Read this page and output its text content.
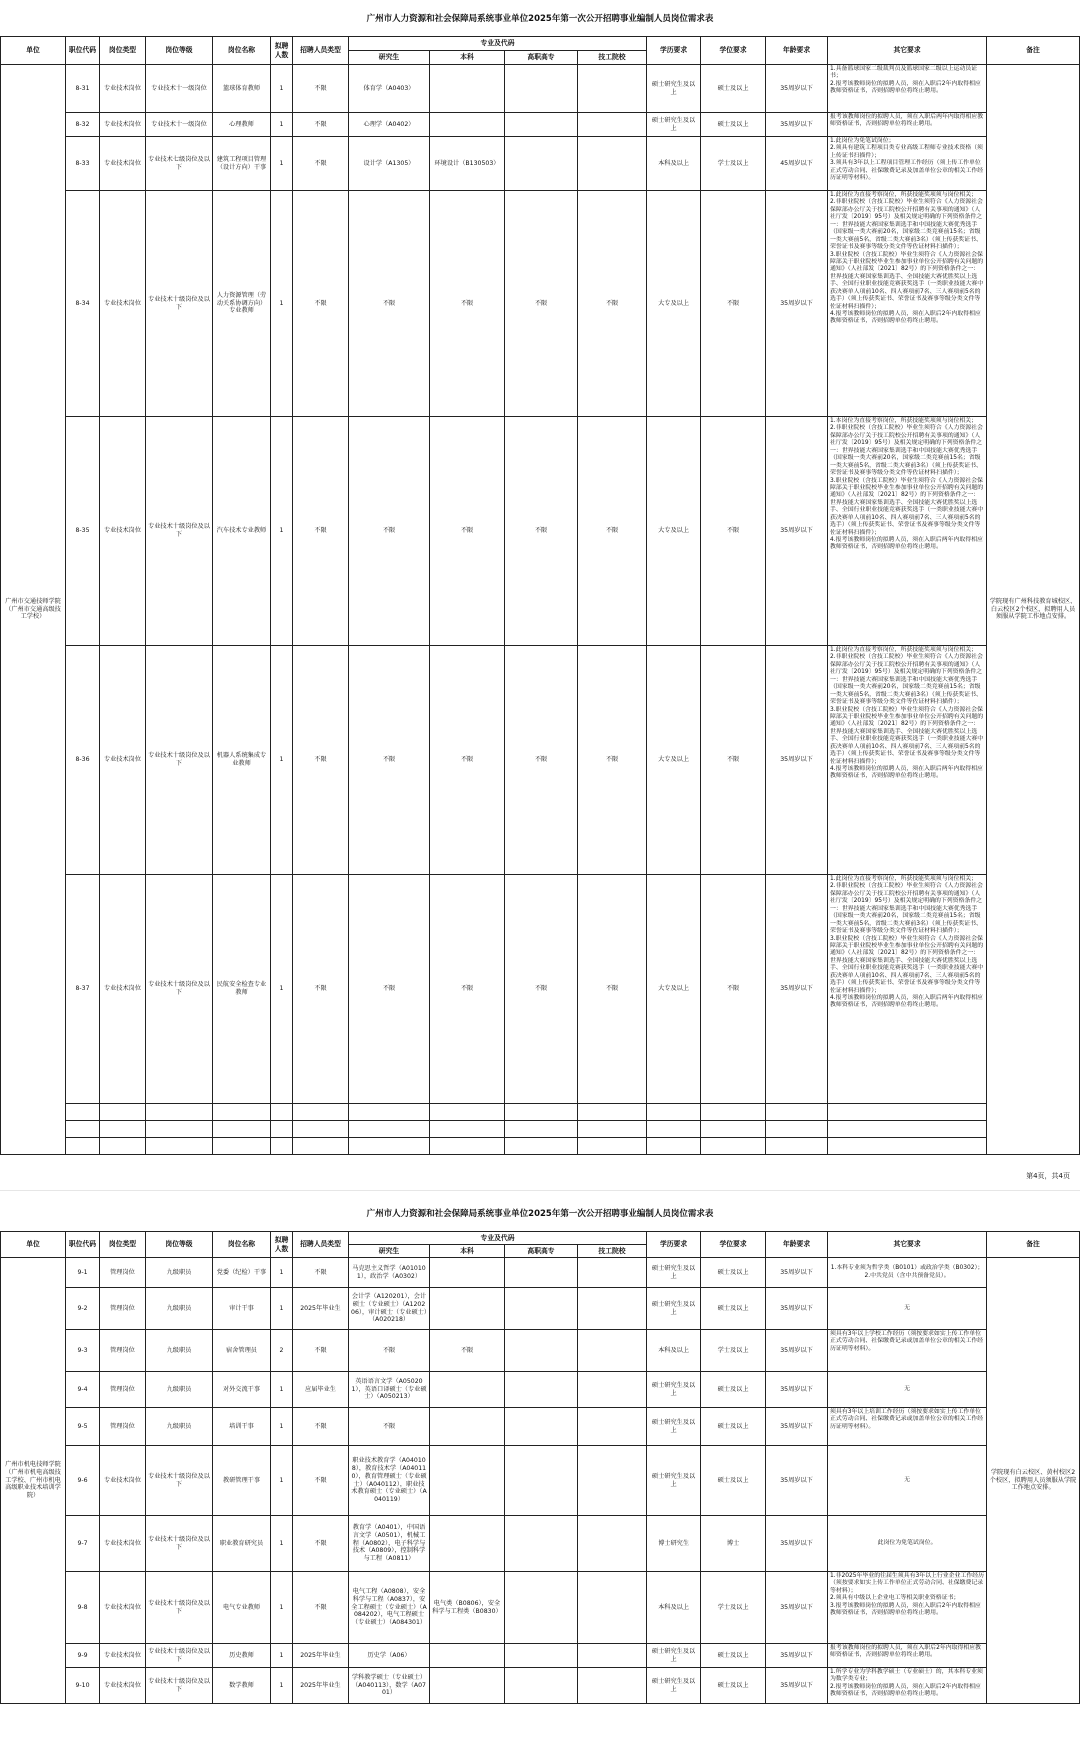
广州市人力资源和社会保障局系统事业单位2025年第一次公开招聘事业编制人员岗位需求表
单位	职位代码	岗位类型	岗位等级	岗位名称	拟聘人数	招聘人员类型	专业及代码				学历要求	学位要求	年龄要求	其它要求	备注
							研究生	本科	高职高专	技工院校					
广州市交通技师学院（广州市交通高级技工学校）	8-31	专业技术岗位	专业技术十一级岗位	篮球体育教师	1	不限	体育学（A0403）				硕士研究生及以上	硕士及以上	35周岁以下	1.具备篮球国家二级裁判员及篮球国家二级以上运动员证书；
2.报考该教师岗位的拟聘人员，须在入职后2年内取得相应教师资格证书，否则招聘单位将终止聘用。	学院现有广州科技教育城校区、白云校区2个校区，拟聘用人员须服从学院工作地点安排。
	8-32	专业技术岗位	专业技术十一级岗位	心理教师	1	不限	心理学（A0402）				硕士研究生及以上	硕士及以上	35周岁以下	报考该教师岗位的拟聘人员，须在入职后两年内取得相应教师资格证书，否则招聘单位将终止聘用。	

	8-33	专业技术岗位	专业技术七级岗位及以下	建筑工程项目管理（设计方向）干事	1	不限	设计学（A1305）	环境设计（B130503）			本科及以上	学士及以上	45周岁以下	1.此岗位为免笔试岗位；
2.须具有建筑工程项目类专业高级工程师专业技术资格（须上传证书扫描件）；
3.须具有3年以上工程项目管理工作经历（须上传工作单位正式劳动合同、社保缴费记录及加盖单位公章的相关工作经历证明等材料）。	

	8-34	专业技术岗位	专业技术十级岗位及以下	人力资源管理（劳动关系协调方向）专业教师	1	不限	不限	不限	不限	不限	大专及以上	不限	35周岁以下	1.此岗位为直接考察岗位，所获技能奖项须与岗位相关；
2.非职业院校（含技工院校）毕业生须符合《人力资源社会保障部办公厅关于技工院校公开招聘有关事项的通知》（人社厅发〔2019〕95号）及相关规定明确的下列资格条件之一：世界技能大赛国家集训选手和中国技能大赛优秀选手（国家级一类大赛前20名，国家级二类竞赛前15名；省级一类大赛前5名，省级二类大赛前3名）（须上传获奖证书、荣誉证书及赛事等级分类文件等佐证材料扫描件）；
3.职业院校（含技工院校）毕业生须符合《人力资源社会保障部关于职业院校毕业生参加事业单位公开招聘有关问题的通知》（人社部发〔2021〕82号）的下列资格条件之一：世界技能大赛国家集训选手、全国技能大赛优胜奖以上选手、全国行业职业技能竞赛获奖选手（一类职业技能大赛中获决赛单人项前10名、四人赛项前7名、三人赛项前5名的选手）（须上传获奖证书、荣誉证书及赛事等级分类文件等佐证材料扫描件）；
4.报考该教师岗位的拟聘人员，须在入职后2年内取得相应教师资格证书，否则招聘单位将终止聘用。	

	8-35	专业技术岗位	专业技术十级岗位及以下	汽车技术专业教师	1	不限	不限	不限	不限	不限	大专及以上	不限	35周岁以下	1.本岗位为直接考察岗位，所获技能奖项须与岗位相关；
2.非职业院校（含技工院校）毕业生须符合《人力资源社会保障部办公厅关于技工院校公开招聘有关事项的通知》（人社厅发〔2019〕95号）及相关规定明确的下列资格条件之一：世界技能大赛国家集训选手和中国技能大赛优秀选手（国家级一类大赛前20名，国家级二类竞赛前15名；省级一类大赛前5名，省级二类大赛前3名）（须上传获奖证书、荣誉证书及赛事等级分类文件等佐证材料扫描件）；
3.职业院校（含技工院校）毕业生须符合《人力资源社会保障部关于职业院校毕业生参加事业单位公开招聘有关问题的通知》（人社部发〔2021〕82号）的下列资格条件之一：世界技能大赛国家集训选手、全国技能大赛优胜奖以上选手、全国行业职业技能竞赛获奖选手（一类职业技能大赛中获决赛单人项前10名、四人赛项前7名、三人赛项前5名的选手）（须上传获奖证书、荣誉证书及赛事等级分类文件等佐证材料扫描件）；
4.报考该教师岗位的拟聘人员，须在入职后两年内取得相应教师资格证书，否则招聘单位将终止聘用。	

	8-36	专业技术岗位	专业技术十级岗位及以下	机器人系统集成专业教师	1	不限	不限	不限	不限	不限	大专及以上	不限	35周岁以下	1.此岗位为直接考察岗位，所获技能奖项须与岗位相关；
2.非职业院校（含技工院校）毕业生须符合《人力资源社会保障部办公厅关于技工院校公开招聘有关事项的通知》（人社厅发〔2019〕95号）及相关规定明确的下列资格条件之一：世界技能大赛国家集训选手和中国技能大赛优秀选手（国家级一类大赛前20名，国家级二类竞赛前15名；省级一类大赛前5名，省级二类大赛前3名）（须上传获奖证书、荣誉证书及赛事等级分类文件等佐证材料扫描件）；
3.职业院校（含技工院校）毕业生须符合《人力资源社会保障部关于职业院校毕业生参加事业单位公开招聘有关问题的通知》（人社部发〔2021〕82号）的下列资格条件之一：世界技能大赛国家集训选手、全国技能大赛优胜奖以上选手、全国行业职业技能竞赛获奖选手（一类职业技能大赛中获决赛单人项前10名、四人赛项前7名、三人赛项前5名的选手）（须上传获奖证书、荣誉证书及赛事等级分类文件等佐证材料扫描件）；
4.报考该教师岗位的拟聘人员，须在入职后两年内取得相应教师资格证书，否则招聘单位将终止聘用。	

	8-37	专业技术岗位	专业技术十级岗位及以下	民航安全检查专业教师	1	不限	不限	不限	不限	不限	大专及以上	不限	35周岁以下	1.此岗位为直接考察岗位，所获技能奖项须与岗位相关；
2.非职业院校（含技工院校）毕业生须符合《人力资源社会保障部办公厅关于技工院校公开招聘有关事项的通知》（人社厅发〔2019〕95号）及相关规定明确的下列资格条件之一：世界技能大赛国家集训选手和中国技能大赛优秀选手（国家级一类大赛前20名，国家级二类竞赛前15名；省级一类大赛前5名，省级二类大赛前3名）（须上传获奖证书、荣誉证书及赛事等级分类文件等佐证材料扫描件）；
3.职业院校（含技工院校）毕业生须符合《人力资源社会保障部关于职业院校毕业生参加事业单位公开招聘有关问题的通知》（人社部发〔2021〕82号）的下列资格条件之一：世界技能大赛国家集训选手、全国技能大赛优胜奖以上选手、全国行业职业技能竞赛获奖选手（一类职业技能大赛中获决赛单人项前10名、四人赛项前7名、三人赛项前5名的选手）（须上传获奖证书、荣誉证书及赛事等级分类文件等佐证材料扫描件）；
4.报考该教师岗位的拟聘人员，须在入职后两年内取得相应教师资格证书，否则招聘单位将终止聘用。	

第4页，共4页
广州市人力资源和社会保障局系统事业单位2025年第一次公开招聘事业编制人员岗位需求表
单位	职位代码	岗位类型	岗位等级	岗位名称	拟聘人数	招聘人员类型	专业及代码				学历要求	学位要求	年龄要求	其它要求	备注
							研究生	本科	高职高专	技工院校					
广州市机电技师学院（广州市机电高级技工学校、广州市机电高级职业技术培训学院）	9-1	管理岗位	九级职员	党委（纪检）干事	1	不限	马克思主义哲学（A010101），政治学（A0302）				硕士研究生及以上	硕士及以上	35周岁以下	1.本科专业须为哲学类（B0101）或政治学类（B0302）；
2.中共党员（含中共预备党员）。	学院现有白云校区、黄村校区2个校区，拟聘用人员须服从学院工作地点安排。
	9-2	管理岗位	九级职员	审计干事	1	2025年毕业生	会计学（A120201），会计硕士（专业硕士）（A120206），审计硕士（专业硕士）（A020218）				硕士研究生及以上	硕士及以上	35周岁以下	无	

	9-3	管理岗位	九级职员	宿舍管理员	2	不限	不限	不限			本科及以上	学士及以上	35周岁以下	须具有3年以上学校工作经历（须按要求如实上传工作单位正式劳动合同、社保缴费记录或加盖单位公章的相关工作经历证明等材料）。	

	9-4	管理岗位	九级职员	对外交流干事	1	应届毕业生	英语语言文学（A050201），英语口译硕士（专业硕士）（A050213）				硕士研究生及以上	硕士及以上	35周岁以下	无	

	9-5	管理岗位	九级职员	培训干事	1	不限	不限				硕士研究生及以上	硕士及以上	35周岁以下	须具有3年以上培训工作经历（须按要求如实上传工作单位正式劳动合同、社保缴费记录或加盖单位公章的相关工作经历证明等材料）。	

	9-6	专业技术岗位	专业技术十级岗位及以下	教研管理干事	1	不限	职业技术教育学（A040108），教育技术学（A040110），教育管理硕士（专业硕士）（A040112），职业技术教育硕士（专业硕士）（A040119）				硕士研究生及以上	硕士及以上	35周岁以下	无	

	9-7	专业技术岗位	专业技术十级岗位及以下	职业教育研究员	1	不限	教育学（A0401），中国语言文学（A0501），机械工程（A0802），电子科学与技术（A0809），控制科学与工程（A0811）				博士研究生	博士	35周岁以下	此岗位为免笔试岗位。	

	9-8	专业技术岗位	专业技术十级岗位及以下	电气专业教师	1	不限	电气工程（A0808），安全科学与工程（A0837），安全工程硕士（专业硕士）（A084202），电气工程硕士（专业硕士）（A084301）	电气类（B0806），安全科学与工程类（B0830）			本科及以上	学士及以上	35周岁以下	1.非2025年毕业的往届生须具有3年以上行业企业工作经历（须按要求如实上传工作单位正式劳动合同、社保缴费记录等材料）；
2.须具有中级以上企业电工等相关职业资格证书；
3.报考该教师岗位的拟聘人员，须在入职后2年内取得相应教师资格证书，否则招聘单位将终止聘用。	

	9-9	专业技术岗位	专业技术十级岗位及以下	历史教师	1	2025年毕业生	历史学（A06）				硕士研究生及以上	硕士及以上	35周岁以下	报考该教师岗位的拟聘人员，须在入职后2年内取得相应教师资格证书，否则招聘单位将终止聘用。	

	9-10	专业技术岗位	专业技术十级岗位及以下	数学教师	1	2025年毕业生	学科教学硕士（专业硕士）（A040113），数学（A0701）				硕士研究生及以上	硕士及以上	35周岁以下	1.所学专业为学科教学硕士（专业硕士）的，其本科专业须为数学类专业；
2.报考该教师岗位的拟聘人员，须在入职后2年内取得相应教师资格证书，否则招聘单位将终止聘用。	
